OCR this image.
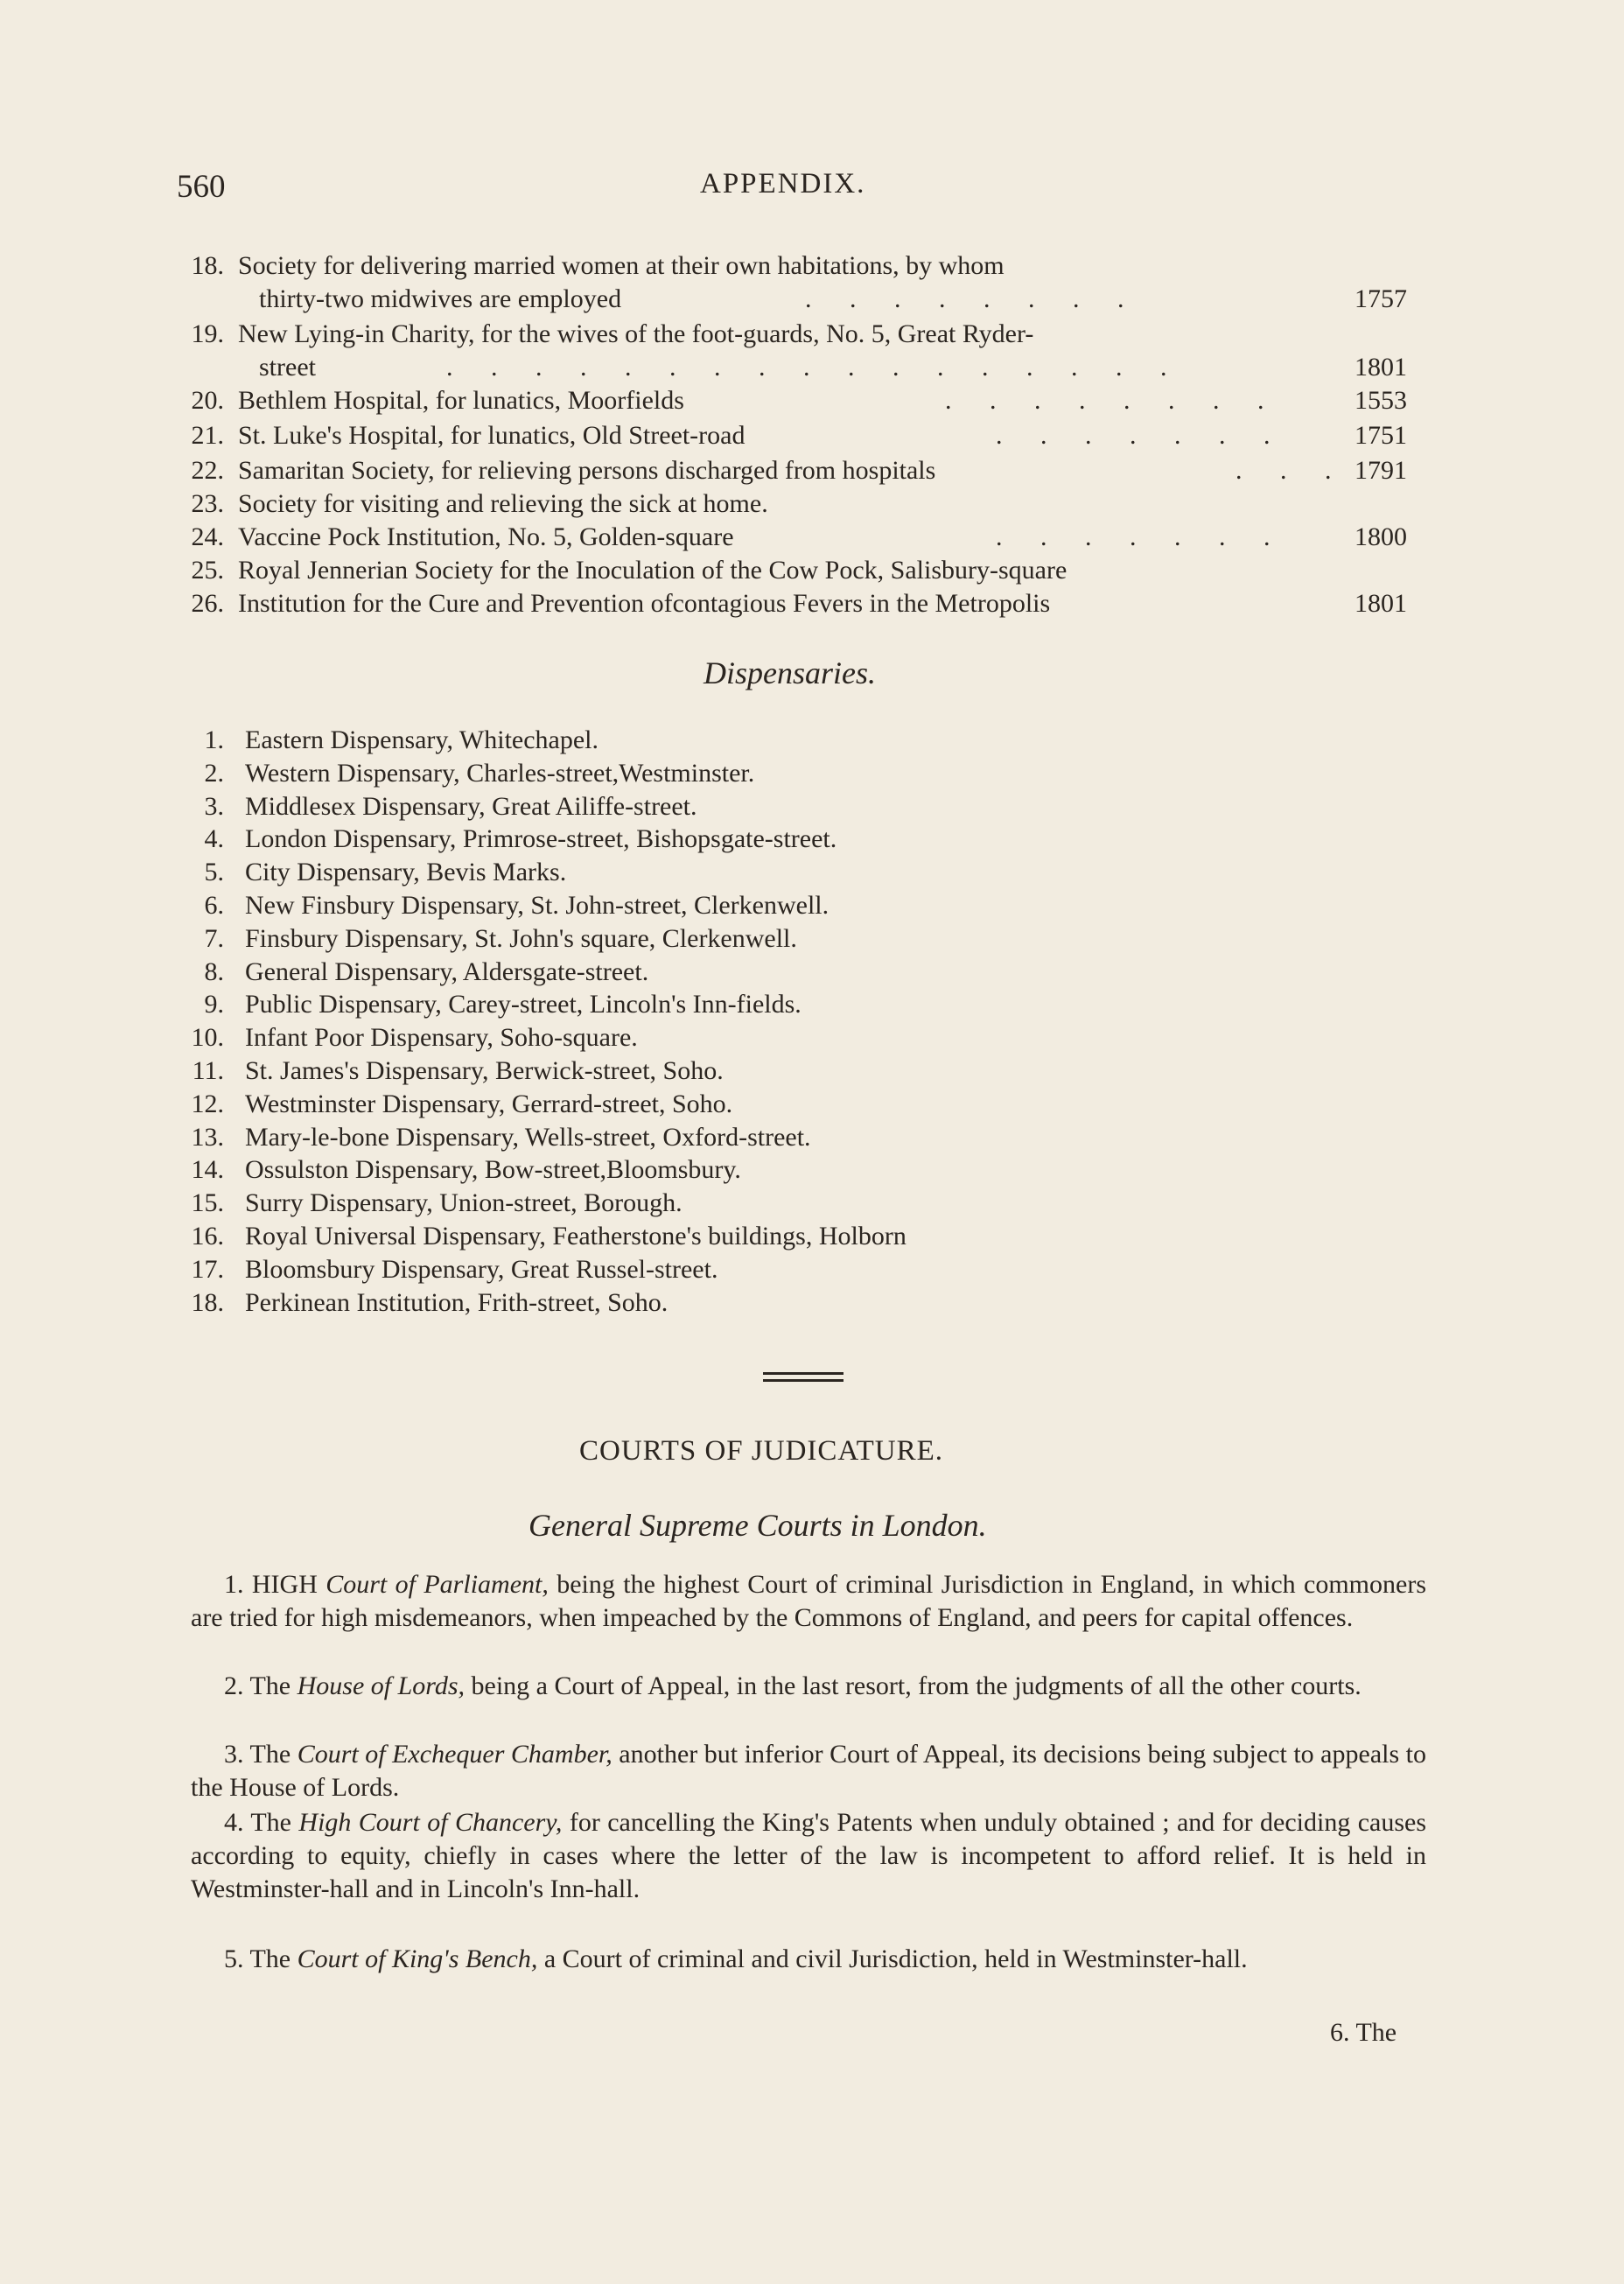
560	APPENDIX.
18. Society for delivering married women at their own habitations, by whom
thirty-two midwives are employed	. . . . . . . .	1757
19. New Lying-in Charity, for the wives of the foot-guards, No. 5, Great Ryder-
street	. . . . . . . . . . . . . . . . .	1801
20. Bethlem Hospital, for lunatics, Moorfields	. . . . . . . .	1553
21. St. Luke's Hospital, for lunatics, Old Street-road	. . . . . . .	1751
22. Samaritan Society, for relieving persons discharged from hospitals	. . . 1791
23. Society for visiting and relieving the sick at home.
24. Vaccine Pock Institution, No. 5, Golden-square	. . . . . . .	1800
25. Royal Jennerian Society for the Inoculation of the Cow Pock, Salisbury-square
26. Institution for the Cure and Prevention ofcontagious Fevers in the Metropolis	1801
Dispensaries.
1. Eastern Dispensary, Whitechapel.
2. Western Dispensary, Charles-street,Westminster.
3. Middlesex Dispensary, Great Ailiffe-street.
4. London Dispensary, Primrose-street, Bishopsgate-street.
5. City Dispensary, Bevis Marks.
6. New Finsbury Dispensary, St. John-street, Clerkenwell.
7. Finsbury Dispensary, St. John's square, Clerkenwell.
8. General Dispensary, Aldersgate-street.
9. Public Dispensary, Carey-street, Lincoln's Inn-fields.
10. Infant Poor Dispensary, Soho-square.
11. St. James's Dispensary, Berwick-street, Soho.
12. Westminster Dispensary, Gerrard-street, Soho.
13. Mary-le-bone Dispensary, Wells-street, Oxford-street.
14. Ossulston Dispensary, Bow-street,Bloomsbury.
15. Surry Dispensary, Union-street, Borough.
16. Royal Universal Dispensary, Featherstone's buildings, Holborn
17. Bloomsbury Dispensary, Great Russel-street.
18. Perkinean Institution, Frith-street, Soho.
COURTS OF JUDICATURE.
General Supreme Courts in London.
1. HIGH Court of Parliament, being the highest Court of criminal Jurisdiction in England, in which commoners are tried for high misdemeanors, when impeached by the Commons of England, and peers for capital offences.
2. The House of Lords, being a Court of Appeal, in the last resort, from the judgments of all the other courts.
3. The Court of Exchequer Chamber, another but inferior Court of Appeal, its decisions being subject to appeals to the House of Lords.
4. The High Court of Chancery, for cancelling the King's Patents when unduly obtained ; and for deciding causes according to equity, chiefly in cases where the letter of the law is incompetent to afford relief. It is held in Westminster-hall and in Lincoln's Inn-hall.
5. The Court of King's Bench, a Court of criminal and civil Jurisdiction, held in Westminster-hall.
6. The
